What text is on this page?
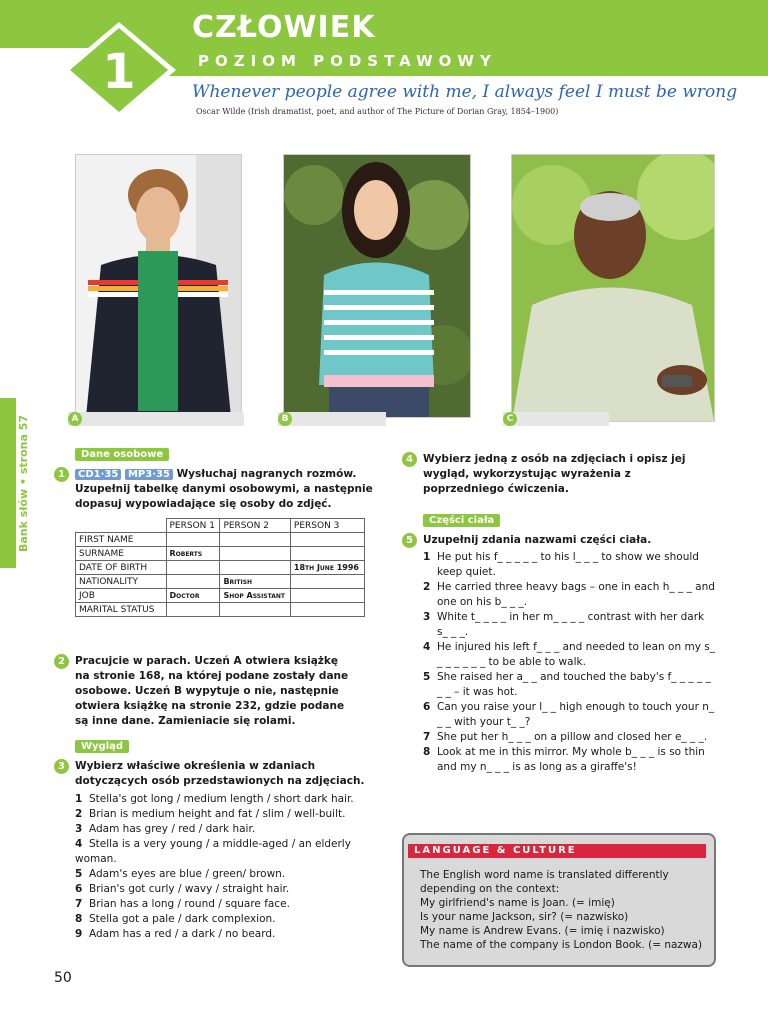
1
CZŁOWIEK
POZIOM PODSTAWOWY
Whenever people agree with me, I always feel I must be wrong
Oscar Wilde (Irish dramatist, poet, and author of The Picture of Dorian Gray, 1854–1900)
A	B	C
Bank słów • strona 57	Dane osobowe
1	CD1·35 MP3·35 Wysłuchaj nagranych rozmów. Uzupełnij tabelkę danymi osobowymi, a następnie dopasuj wypowiadające się osoby do zdjęć.
	PERSON 1	PERSON 2	PERSON 3
FIRST NAME			
SURNAME	Roberts		
DATE OF BIRTH			18th June 1996
NATIONALITY		British	
JOB	Doctor	Shop Assistant	
MARITAL STATUS			
2 Pracujcie w parach. Uczeń A otwiera książkę na stronie 168, na której podane zostały dane osobowe. Uczeń B wypytuje o nie, następnie otwiera książkę na stronie 232, gdzie podane są inne dane. Zamieniacie się rolami.
Wygląd
3 Wybierz właściwe określenia w zdaniach dotyczących osób przedstawionych na zdjęciach.
1 Stella's got long / medium length / short dark hair.
2 Brian is medium height and fat / slim / well-built.
3 Adam has grey / red / dark hair.
4 Stella is a very young / a middle-aged / an elderly woman.
5 Adam's eyes are blue / green/ brown.
6 Brian's got curly / wavy / straight hair.
7 Brian has a long / round / square face.
8 Stella got a pale / dark complexion.
9 Adam has a red / a dark / no beard.
4 Wybierz jedną z osób na zdjęciach i opisz jej wygląd, wykorzystując wyrażenia z poprzedniego ćwiczenia.
Części ciała
5 Uzupełnij zdania nazwami części ciała.
1 He put his f_ _ _ _ _ to his l_ _ _ to show we should keep quiet.
2 He carried three heavy bags – one in each h_ _ _ and one on his b_ _ _.
3 White t_ _ _ _ in her m_ _ _ _ contrast with her dark s_ _ _.
4 He injured his left f_ _ _ and needed to lean on my s_ _ _ _ _ _ _ to be able to walk.
5 She raised her a_ _ and touched the baby's f_ _ _ _ _ _ _ – it was hot.
6 Can you raise your l_ _ high enough to touch your n_ _ _ with your t_ _?
7 She put her h_ _ _ on a pillow and closed her e_ _ _.
8 Look at me in this mirror. My whole b_ _ _ is so thin and my n_ _ _ is as long as a giraffe's!
LANGUAGE & CULTURE
The English word name is translated differently
depending on the context:
My girlfriend's name is Joan. (= imię)
Is your name Jackson, sir? (= nazwisko)
My name is Andrew Evans. (= imię i nazwisko)
The name of the company is London Book. (= nazwa)
50
